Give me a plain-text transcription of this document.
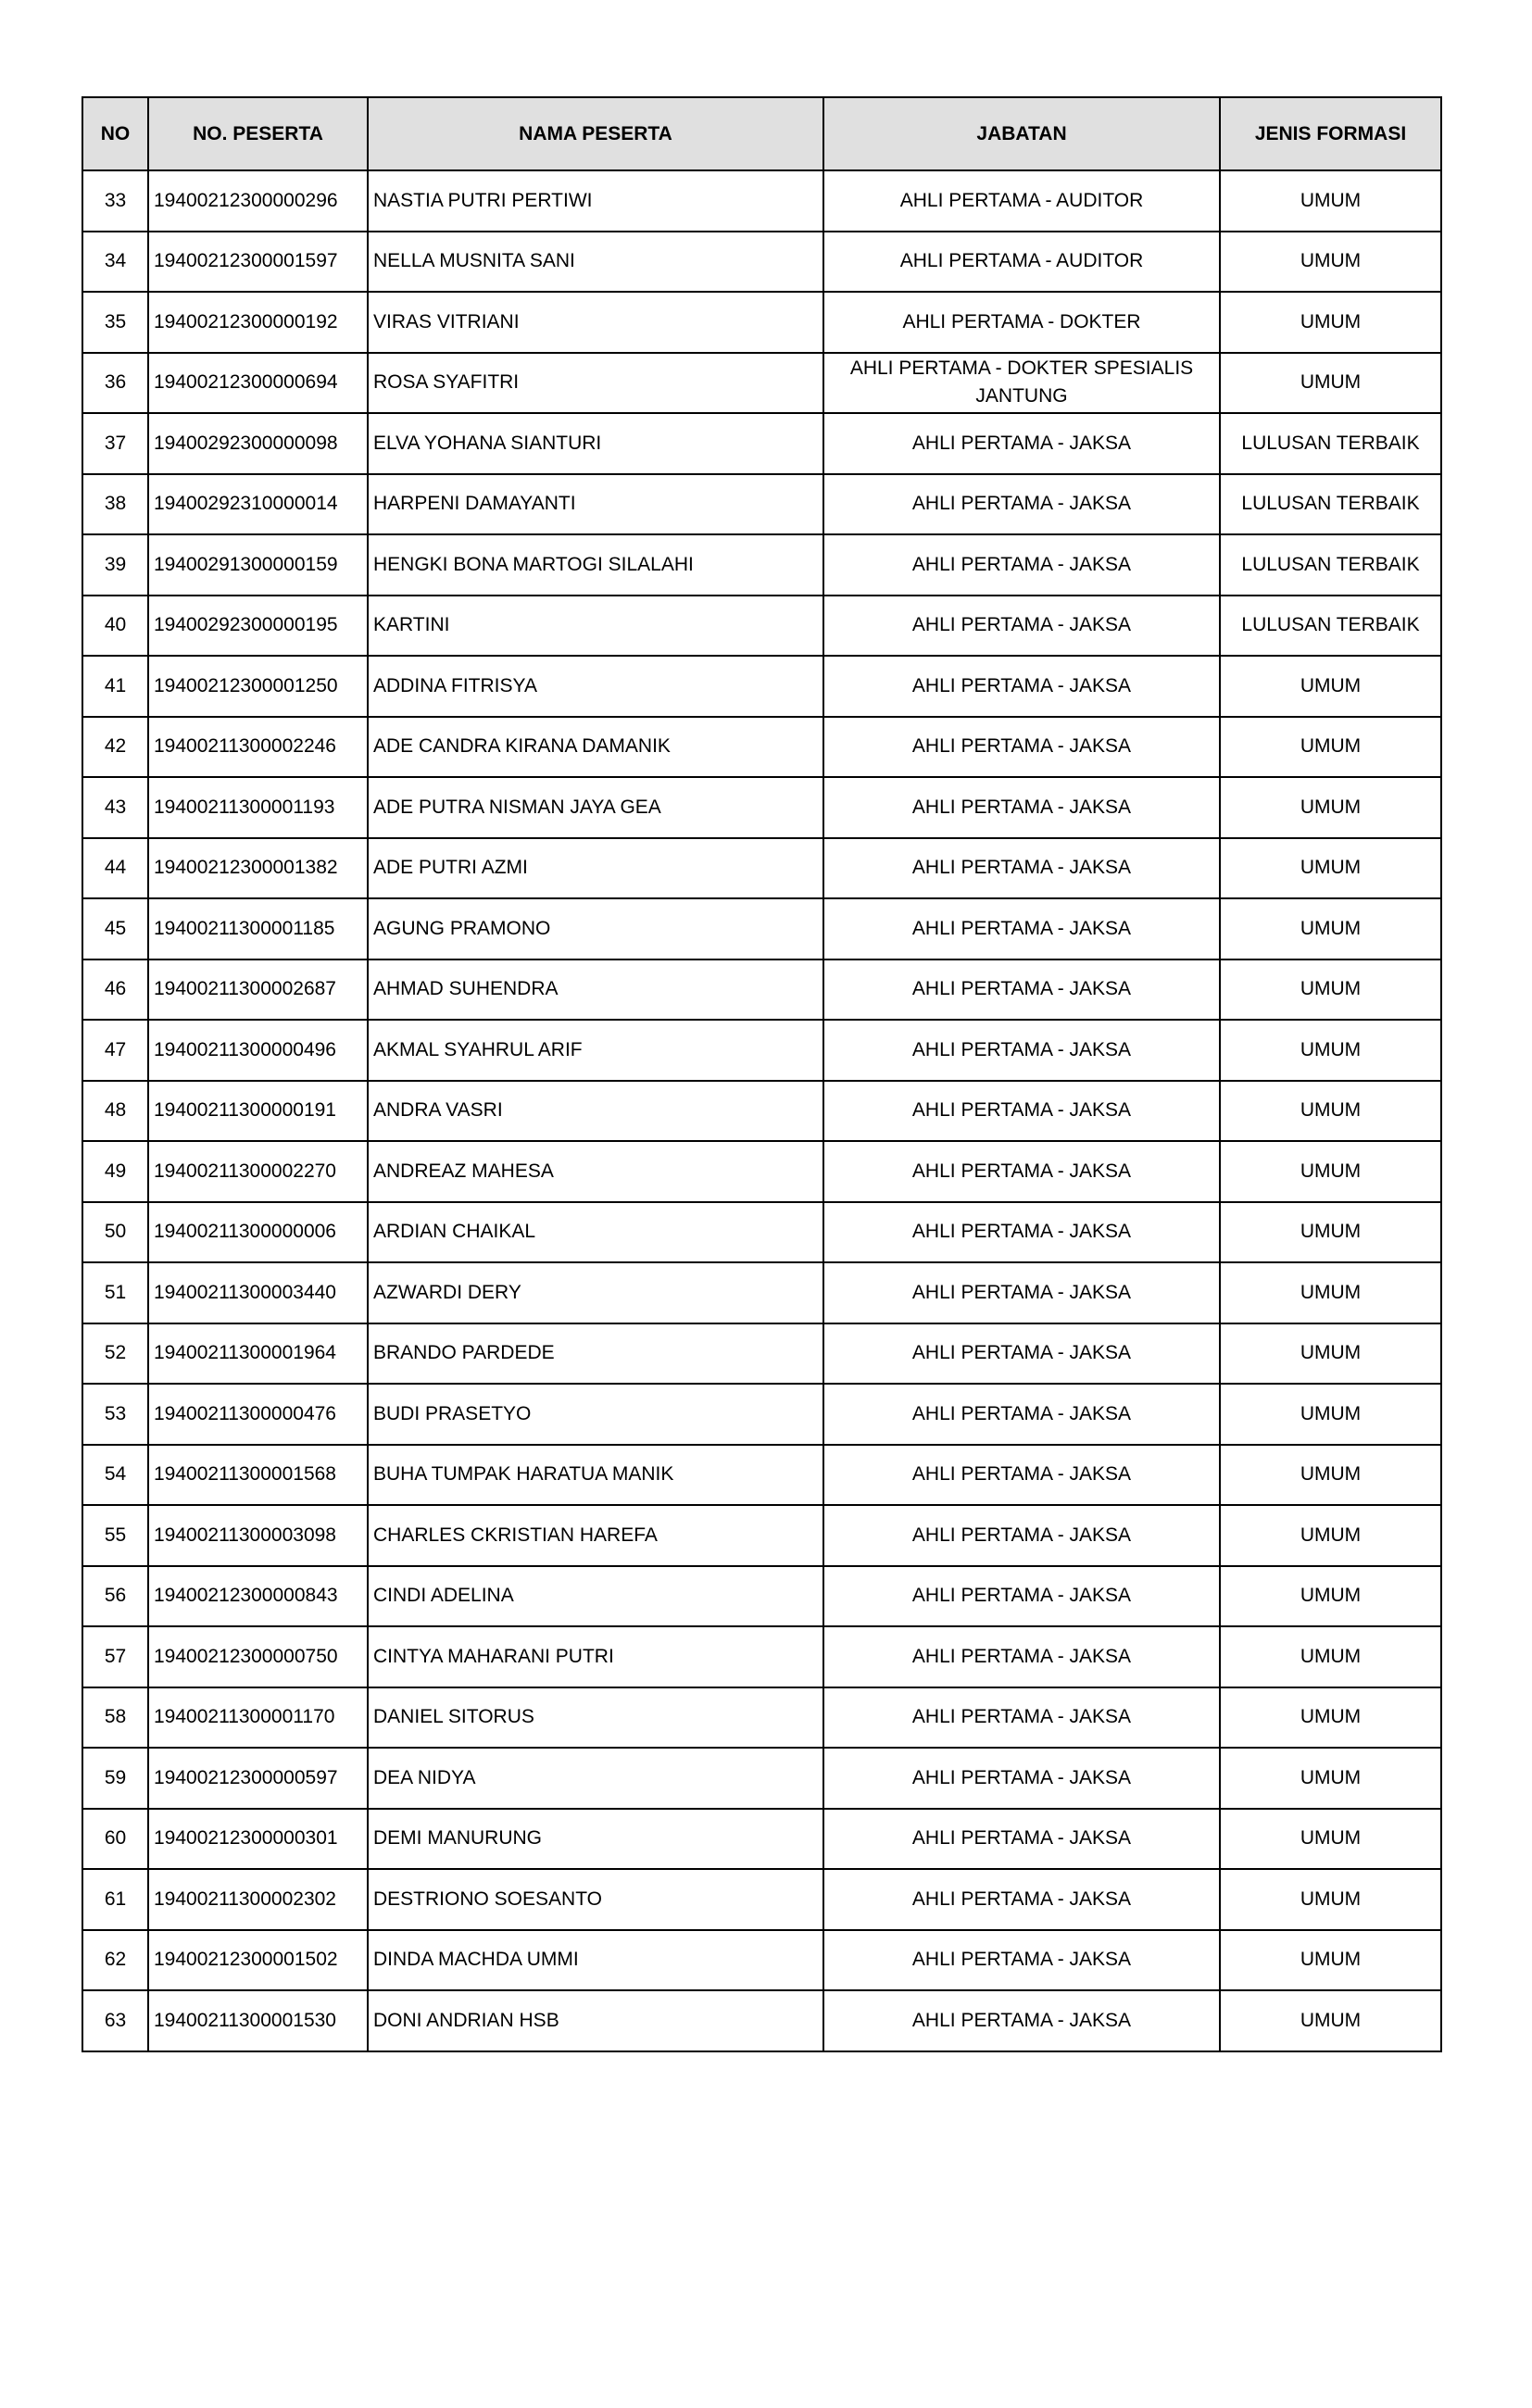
NO	NO. PESERTA	NAMA PESERTA	JABATAN	JENIS FORMASI
33	19400212300000296	NASTIA PUTRI PERTIWI	AHLI PERTAMA - AUDITOR	UMUM
34	19400212300001597	NELLA MUSNITA SANI	AHLI PERTAMA - AUDITOR	UMUM
35	19400212300000192	VIRAS VITRIANI	AHLI PERTAMA - DOKTER	UMUM
36	19400212300000694	ROSA SYAFITRI	AHLI PERTAMA - DOKTER SPESIALIS JANTUNG	UMUM
37	19400292300000098	ELVA YOHANA SIANTURI	AHLI PERTAMA - JAKSA	LULUSAN TERBAIK
38	19400292310000014	HARPENI DAMAYANTI	AHLI PERTAMA - JAKSA	LULUSAN TERBAIK
39	19400291300000159	HENGKI BONA MARTOGI SILALAHI	AHLI PERTAMA - JAKSA	LULUSAN TERBAIK
40	19400292300000195	KARTINI	AHLI PERTAMA - JAKSA	LULUSAN TERBAIK
41	19400212300001250	ADDINA FITRISYA	AHLI PERTAMA - JAKSA	UMUM
42	19400211300002246	ADE CANDRA KIRANA DAMANIK	AHLI PERTAMA - JAKSA	UMUM
43	19400211300001193	ADE PUTRA NISMAN JAYA GEA	AHLI PERTAMA - JAKSA	UMUM
44	19400212300001382	ADE PUTRI AZMI	AHLI PERTAMA - JAKSA	UMUM
45	19400211300001185	AGUNG PRAMONO	AHLI PERTAMA - JAKSA	UMUM
46	19400211300002687	AHMAD SUHENDRA	AHLI PERTAMA - JAKSA	UMUM
47	19400211300000496	AKMAL SYAHRUL ARIF	AHLI PERTAMA - JAKSA	UMUM
48	19400211300000191	ANDRA VASRI	AHLI PERTAMA - JAKSA	UMUM
49	19400211300002270	ANDREAZ MAHESA	AHLI PERTAMA - JAKSA	UMUM
50	19400211300000006	ARDIAN CHAIKAL	AHLI PERTAMA - JAKSA	UMUM
51	19400211300003440	AZWARDI DERY	AHLI PERTAMA - JAKSA	UMUM
52	19400211300001964	BRANDO PARDEDE	AHLI PERTAMA - JAKSA	UMUM
53	19400211300000476	BUDI PRASETYO	AHLI PERTAMA - JAKSA	UMUM
54	19400211300001568	BUHA TUMPAK HARATUA MANIK	AHLI PERTAMA - JAKSA	UMUM
55	19400211300003098	CHARLES CKRISTIAN HAREFA	AHLI PERTAMA - JAKSA	UMUM
56	19400212300000843	CINDI ADELINA	AHLI PERTAMA - JAKSA	UMUM
57	19400212300000750	CINTYA MAHARANI PUTRI	AHLI PERTAMA - JAKSA	UMUM
58	19400211300001170	DANIEL SITORUS	AHLI PERTAMA - JAKSA	UMUM
59	19400212300000597	DEA NIDYA	AHLI PERTAMA - JAKSA	UMUM
60	19400212300000301	DEMI MANURUNG	AHLI PERTAMA - JAKSA	UMUM
61	19400211300002302	DESTRIONO SOESANTO	AHLI PERTAMA - JAKSA	UMUM
62	19400212300001502	DINDA MACHDA UMMI	AHLI PERTAMA - JAKSA	UMUM
63	19400211300001530	DONI ANDRIAN HSB	AHLI PERTAMA - JAKSA	UMUM
